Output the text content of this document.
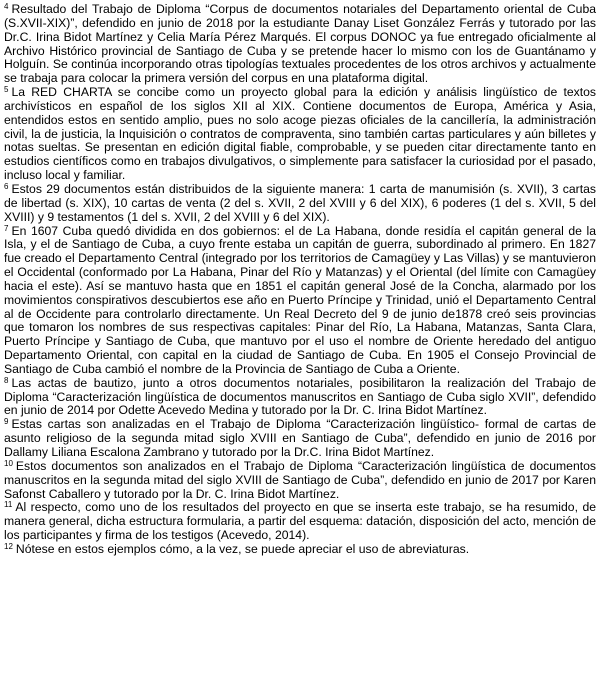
$^4$ Resultado del Trabajo de Diploma “Corpus de documentos notariales del Departamento oriental de Cuba (S.XVII-XIX)”, defendido en junio de 2018 por la estudiante Danay Liset González Ferrás y tutorado por las Dr.C. Irina Bidot Martínez y Celia María Pérez Marqués. El corpus DONOC ya fue entregado oficialmente al Archivo Histórico provincial de Santiago de Cuba y se pretende hacer lo mismo con los de Guantánamo y Holguín. Se continúa incorporando otras tipologías textuales procedentes de los otros archivos y actualmente se trabaja para colocar la primera versión del corpus en una plataforma digital.

$^5$ La RED CHARTA se concibe como un proyecto global para la edición y análisis lingüístico de textos archivísticos en español de los siglos XII al XIX. Contiene documentos de Europa, América y Asia, entendidos estos en sentido amplio, pues no solo acoge piezas oficiales de la cancillería, la administración civil, la de justicia, la Inquisición o contratos de compraventa, sino también cartas particulares y aún billetes y notas sueltas. Se presentan en edición digital fiable, comprobable, y se pueden citar directamente tanto en estudios científicos como en trabajos divulgativos, o simplemente para satisfacer la curiosidad por el pasado, incluso local y familiar.

$^6$ Estos 29 documentos están distribuidos de la siguiente manera: 1 carta de manumisión (s. XVII), 3 cartas de libertad (s. XIX), 10 cartas de venta (2 del s. XVII, 2 del XVIII y 6 del XIX), 6 poderes (1 del s. XVII, 5 del XVIII) y 9 testamentos (1 del s. XVII, 2 del XVIII y 6 del XIX).

$^7$ En 1607 Cuba quedó dividida en dos gobiernos: el de La Habana, donde residía el capitán general de la Isla, y el de Santiago de Cuba, a cuyo frente estaba un capitán de guerra, subordinado al primero. En 1827 fue creado el Departamento Central (integrado por los territorios de Camagüey y Las Villas) y se mantuvieron el Occidental (conformado por La Habana, Pinar del Río y Matanzas) y el Oriental (del límite con Camagüey hacia el este). Así se mantuvo hasta que en 1851 el capitán general José de la Concha, alarmado por los movimientos conspirativos descubiertos ese año en Puerto Príncipe y Trinidad, unió el Departamento Central al de Occidente para controlarlo directamente. Un Real Decreto del 9 de junio de1878 creó seis provincias que tomaron los nombres de sus respectivas capitales: Pinar del Río, La Habana, Matanzas, Santa Clara, Puerto Príncipe y Santiago de Cuba, que mantuvo por el uso el nombre de Oriente heredado del antiguo Departamento Oriental, con capital en la ciudad de Santiago de Cuba. En 1905 el Consejo Provincial de Santiago de Cuba cambió el nombre de la Provincia de Santiago de Cuba a Oriente.

$^8$ Las actas de bautizo, junto a otros documentos notariales, posibilitaron la realización del Trabajo de Diploma “Caracterización lingüística de documentos manuscritos en Santiago de Cuba siglo XVII”, defendido en junio de 2014 por Odette Acevedo Medina y tutorado por la Dr. C. Irina Bidot Martínez.

$^9$ Estas cartas son analizadas en el Trabajo de Diploma “Caracterización lingüístico- formal de cartas de asunto religioso de la segunda mitad siglo XVIII en Santiago de Cuba”, defendido en junio de 2016 por Dallamy Liliana Escalona Zambrano y tutorado por la Dr.C. Irina Bidot Martínez.

$^{10}$ Estos documentos son analizados en el Trabajo de Diploma “Caracterización lingüística de documentos manuscritos en la segunda mitad del siglo XVIII de Santiago de Cuba”, defendido en junio de 2017 por Karen Safonst Caballero y tutorado por la Dr. C. Irina Bidot Martínez.

$^{11}$ Al respecto, como uno de los resultados del proyecto en que se inserta este trabajo, se ha resumido, de manera general, dicha estructura formularia, a partir del esquema: datación, disposición del acto, mención de los participantes y firma de los testigos (Acevedo, 2014).

$^{12}$ Nótese en estos ejemplos cómo, a la vez, se puede apreciar el uso de abreviaturas.
